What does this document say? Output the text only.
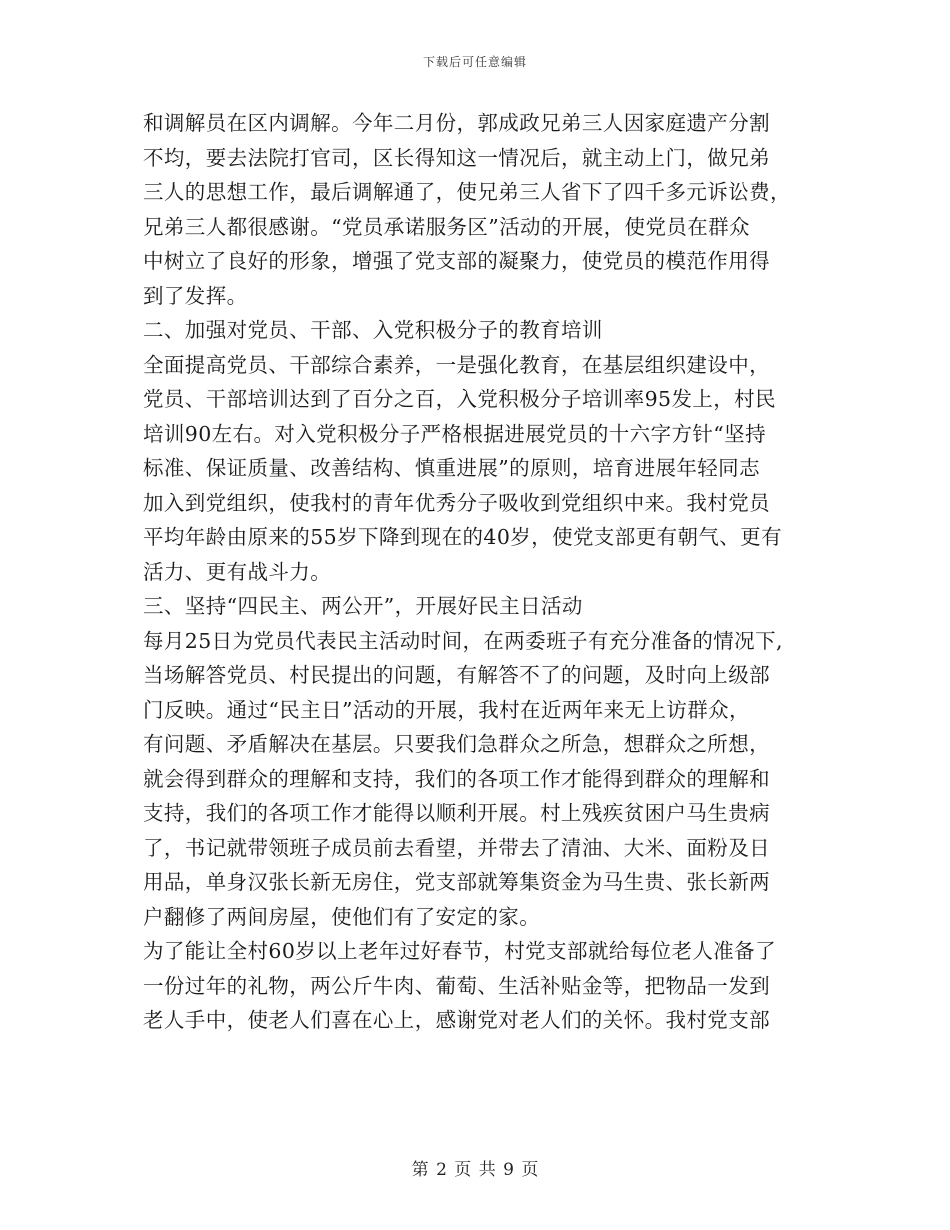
下载后可任意编辑
和调解员在区内调解。今年二月份，郭成政兄弟三人因家庭遗产分割
不均，要去法院打官司，区长得知这一情况后，就主动上门，做兄弟
三人的思想工作，最后调解通了，使兄弟三人省下了四千多元诉讼费，
兄弟三人都很感谢。“党员承诺服务区”活动的开展，使党员在群众
中树立了良好的形象，增强了党支部的凝聚力，使党员的模范作用得
到了发挥。
二、加强对党员、干部、入党积极分子的教育培训
全面提高党员、干部综合素养，一是强化教育，在基层组织建设中，
党员、干部培训达到了百分之百，入党积极分子培训率95发上，村民
培训90左右。对入党积极分子严格根据进展党员的十六字方针“坚持
标准、保证质量、改善结构、慎重进展”的原则，培育进展年轻同志
加入到党组织，使我村的青年优秀分子吸收到党组织中来。我村党员
平均年龄由原来的55岁下降到现在的40岁，使党支部更有朝气、更有
活力、更有战斗力。
三、坚持“四民主、两公开”，开展好民主日活动
每月25日为党员代表民主活动时间，在两委班子有充分准备的情况下,
当场解答党员、村民提出的问题，有解答不了的问题，及时向上级部
门反映。通过“民主日”活动的开展，我村在近两年来无上访群众，
有问题、矛盾解决在基层。只要我们急群众之所急，想群众之所想，
就会得到群众的理解和支持，我们的各项工作才能得到群众的理解和
支持，我们的各项工作才能得以顺利开展。村上残疾贫困户马生贵病
了，书记就带领班子成员前去看望，并带去了清油、大米、面粉及日
用品，单身汉张长新无房住，党支部就筹集资金为马生贵、张长新两
户翻修了两间房屋，使他们有了安定的家。
为了能让全村60岁以上老年过好春节，村党支部就给每位老人准备了
一份过年的礼物，两公斤牛肉、葡萄、生活补贴金等，把物品一发到
老人手中，使老人们喜在心上，感谢党对老人们的关怀。我村党支部
第 2 页 共 9 页
